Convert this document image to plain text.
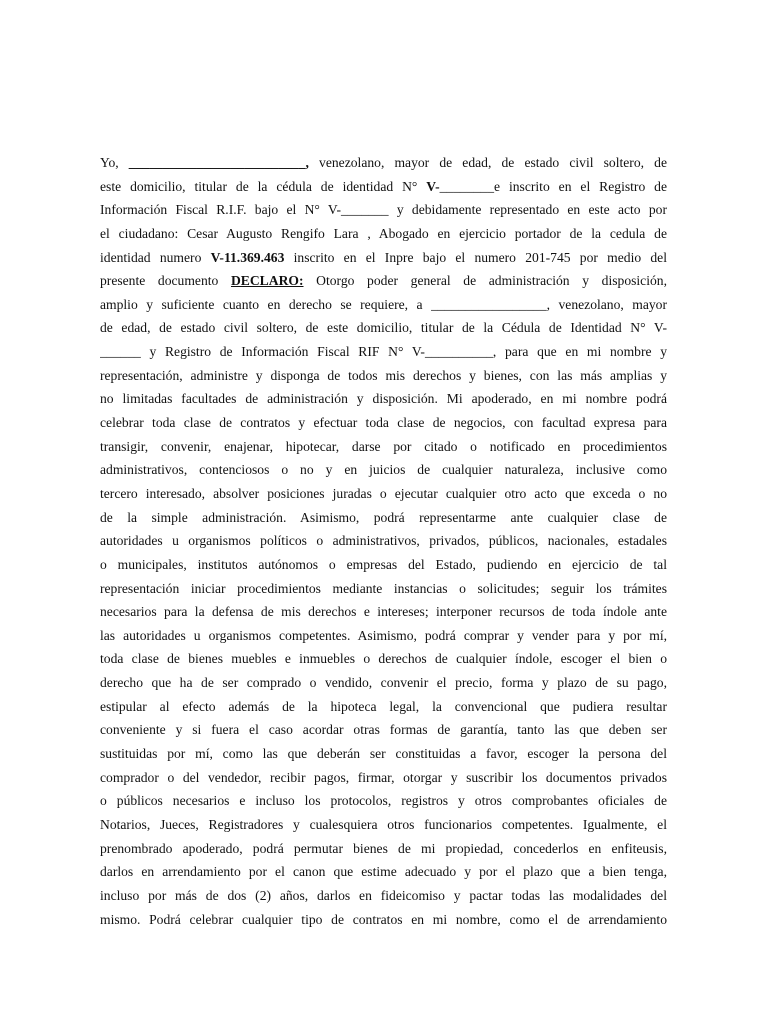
Yo, __________________________, venezolano, mayor de edad, de estado civil soltero, de
este domicilio, titular de la cédula de identidad N° V-________e inscrito en el Registro de
Información Fiscal R.I.F. bajo el N° V-_______ y debidamente representado en este acto por
el ciudadano: Cesar Augusto Rengifo Lara , Abogado en ejercicio portador de la cedula de
identidad numero V-11.369.463 inscrito en el Inpre bajo el numero 201-745 por medio del
presente documento DECLARO: Otorgo poder general de administración y disposición,
amplio y suficiente cuanto en derecho se requiere, a _________________, venezolano, mayor
de edad, de estado civil soltero, de este domicilio, titular de la Cédula de Identidad N° V-
______ y Registro de Información Fiscal RIF N° V-__________, para que en mi nombre y
representación, administre y disponga de todos mis derechos y bienes, con las más amplias y
no limitadas facultades de administración y disposición. Mi apoderado, en mi nombre podrá
celebrar toda clase de contratos y efectuar toda clase de negocios, con facultad expresa para
transigir, convenir, enajenar, hipotecar, darse por citado o notificado en procedimientos
administrativos, contenciosos o no y en juicios de cualquier naturaleza, inclusive como
tercero interesado, absolver posiciones juradas o ejecutar cualquier otro acto que exceda o no
de la simple administración. Asimismo, podrá representarme ante cualquier clase de
autoridades u organismos políticos o administrativos, privados, públicos, nacionales, estadales
o municipales, institutos autónomos o empresas del Estado, pudiendo en ejercicio de tal
representación iniciar procedimientos mediante instancias o solicitudes; seguir los trámites
necesarios para la defensa de mis derechos e intereses; interponer recursos de toda índole ante
las autoridades u organismos competentes. Asimismo, podrá comprar y vender para y por mí,
toda clase de bienes muebles e inmuebles o derechos de cualquier índole, escoger el bien o
derecho que ha de ser comprado o vendido, convenir el precio, forma y plazo de su pago,
estipular al efecto además de la hipoteca legal, la convencional que pudiera resultar
conveniente y si fuera el caso acordar otras formas de garantía, tanto las que deben ser
sustituidas por mí, como las que deberán ser constituidas a favor, escoger la persona del
comprador o del vendedor, recibir pagos, firmar, otorgar y suscribir los documentos privados
o públicos necesarios e incluso los protocolos, registros y otros comprobantes oficiales de
Notarios, Jueces, Registradores y cualesquiera otros funcionarios competentes. Igualmente, el
prenombrado apoderado, podrá permutar bienes de mi propiedad, concederlos en enfiteusis,
darlos en arrendamiento por el canon que estime adecuado y por el plazo que a bien tenga,
incluso por más de dos (2) años, darlos en fideicomiso y pactar todas las modalidades del
mismo. Podrá celebrar cualquier tipo de contratos en mi nombre, como el de arrendamiento
